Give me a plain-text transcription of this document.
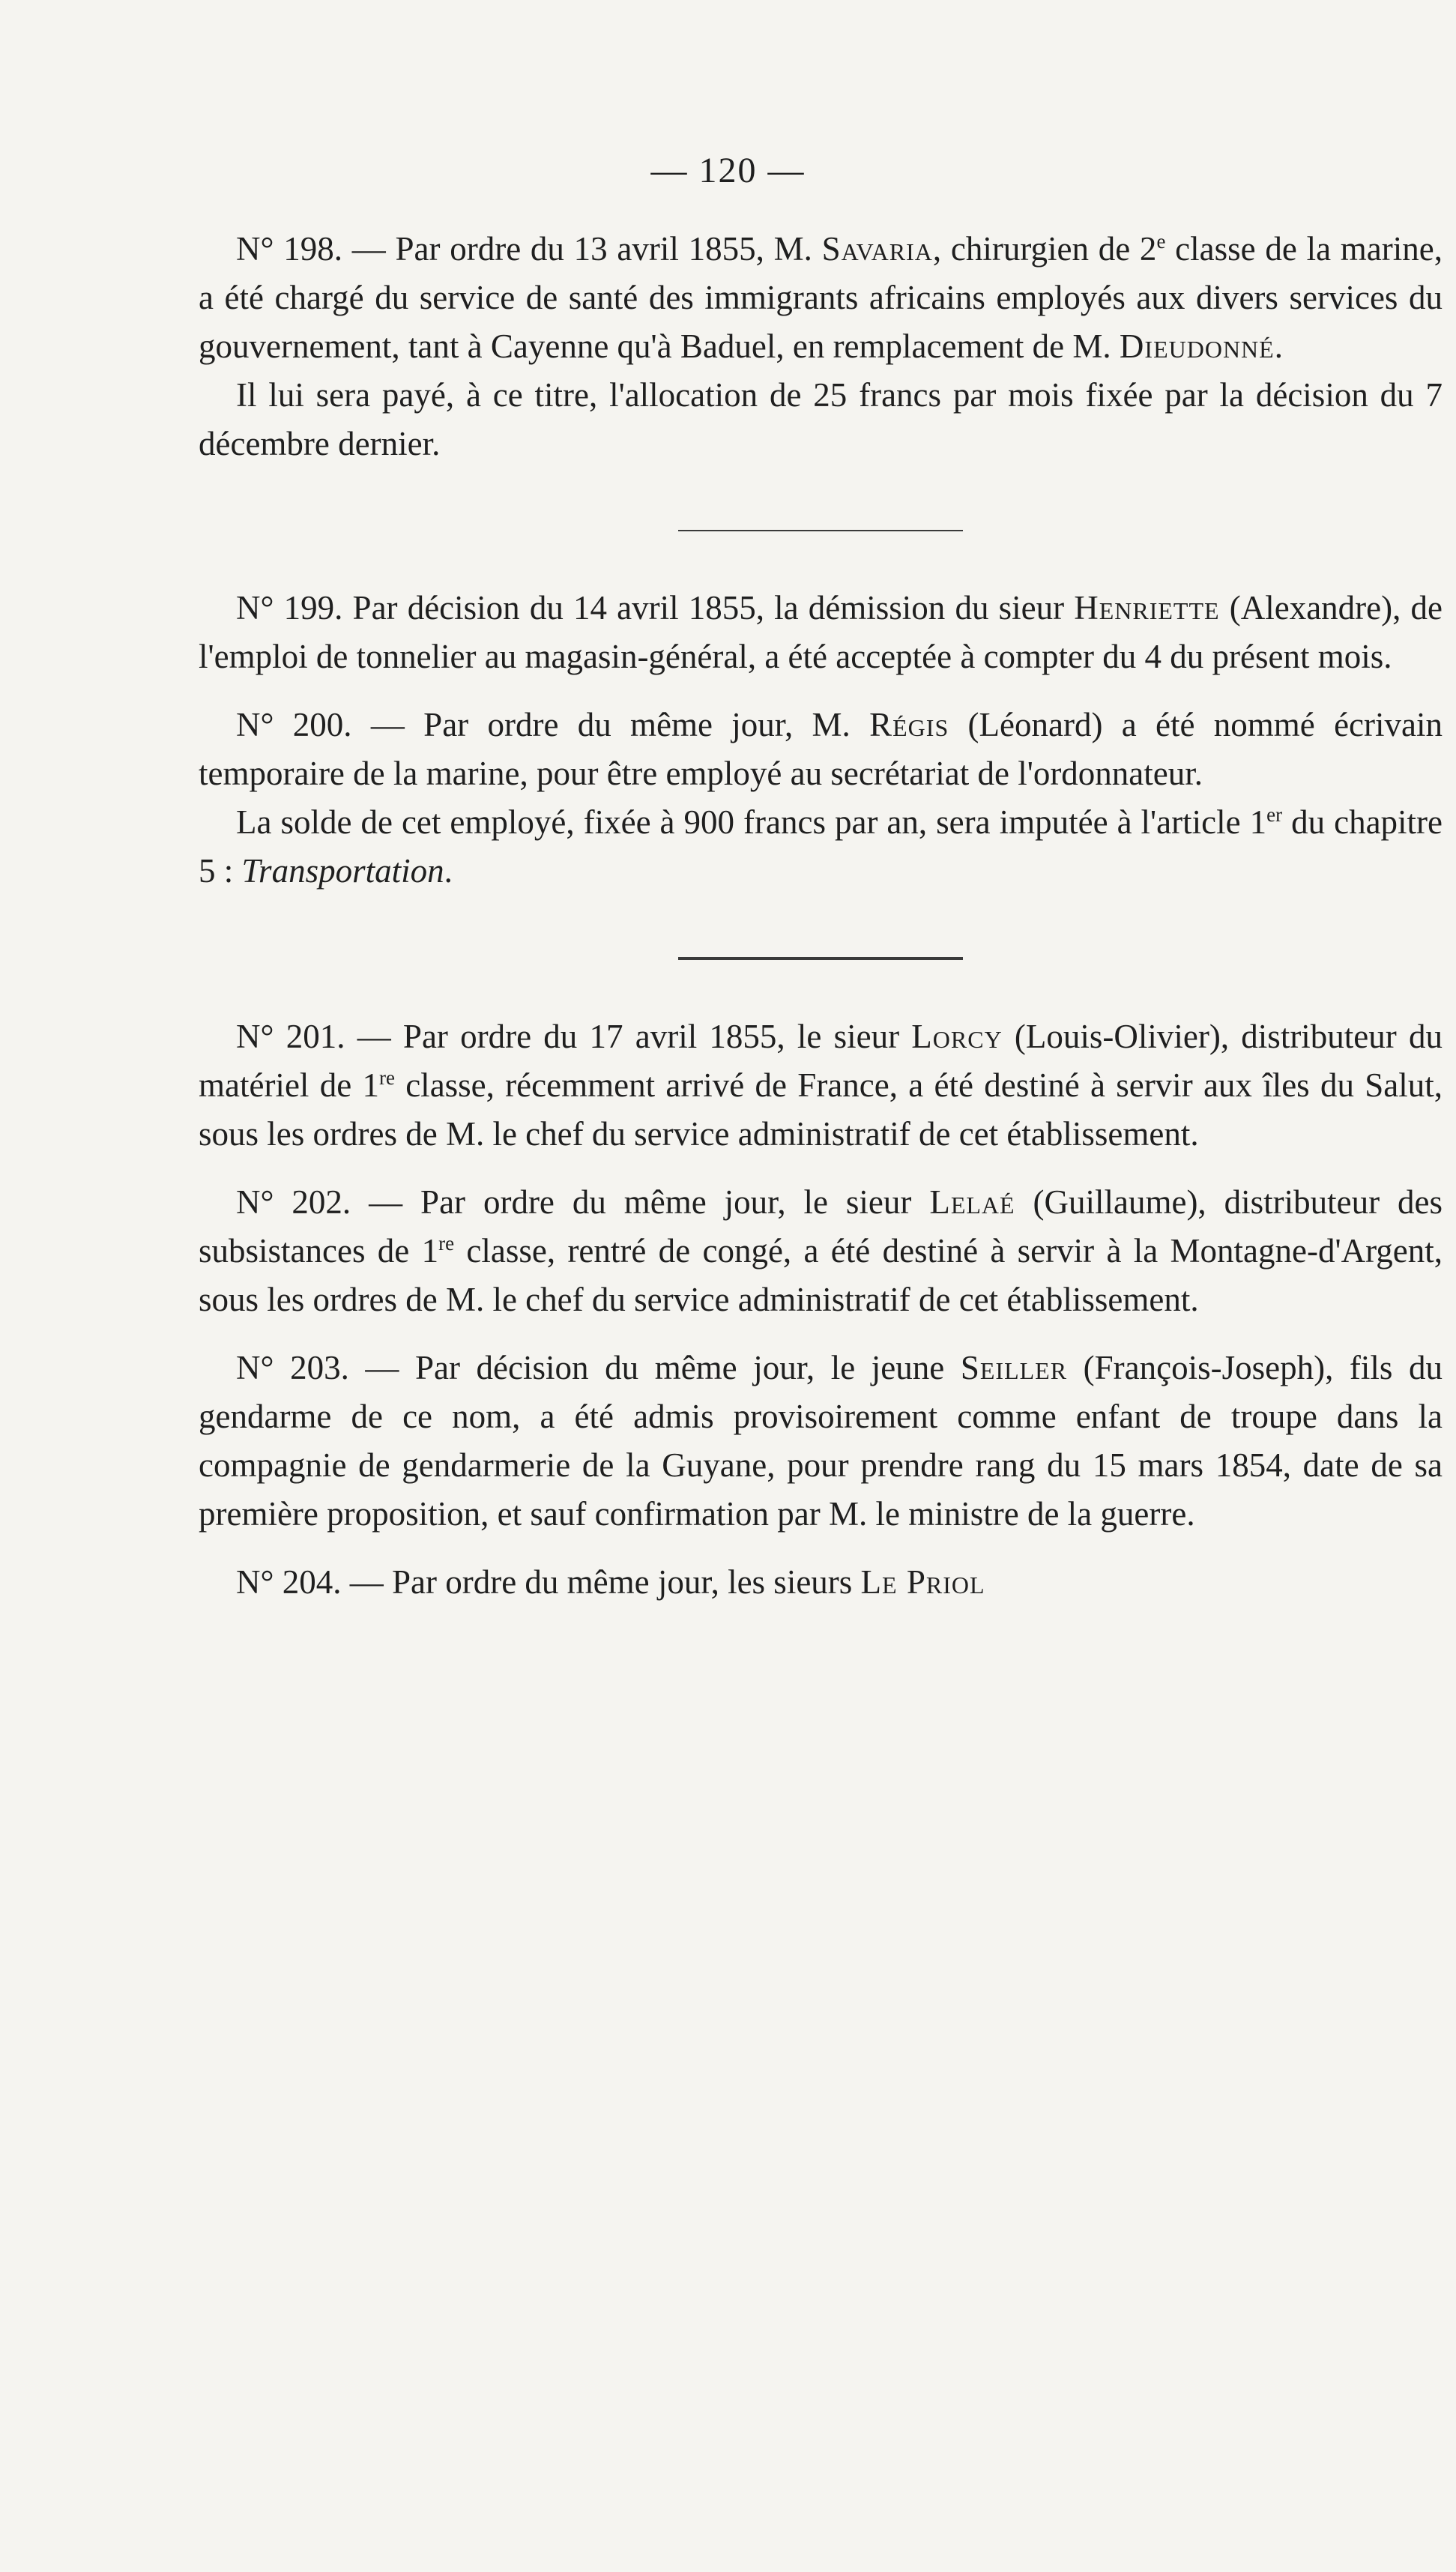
— 120 —

N° 198. — Par ordre du 13 avril 1855, M. Savaria, chirurgien de 2e classe de la marine, a été chargé du service de santé des immigrants africains employés aux divers services du gouvernement, tant à Cayenne qu'à Baduel, en remplacement de M. Dieudonné.

Il lui sera payé, à ce titre, l'allocation de 25 francs par mois fixée par la décision du 7 décembre dernier.

N° 199. Par décision du 14 avril 1855, la démission du sieur Henriette (Alexandre), de l'emploi de tonnelier au magasin-général, a été acceptée à compter du 4 du présent mois.

N° 200. — Par ordre du même jour, M. Régis (Léonard) a été nommé écrivain temporaire de la marine, pour être employé au secrétariat de l'ordonnateur.

La solde de cet employé, fixée à 900 francs par an, sera imputée à l'article 1er du chapitre 5 : Transportation.

N° 201. — Par ordre du 17 avril 1855, le sieur Lorcy (Louis-Olivier), distributeur du matériel de 1re classe, récemment arrivé de France, a été destiné à servir aux îles du Salut, sous les ordres de M. le chef du service administratif de cet établissement.

N° 202. — Par ordre du même jour, le sieur Lelaé (Guillaume), distributeur des subsistances de 1re classe, rentré de congé, a été destiné à servir à la Montagne-d'Argent, sous les ordres de M. le chef du service administratif de cet établissement.

N° 203. — Par décision du même jour, le jeune Seiller (François-Joseph), fils du gendarme de ce nom, a été admis provisoirement comme enfant de troupe dans la compagnie de gendarmerie de la Guyane, pour prendre rang du 15 mars 1854, date de sa première proposition, et sauf confirmation par M. le ministre de la guerre.

N° 204. — Par ordre du même jour, les sieurs Le Priol
